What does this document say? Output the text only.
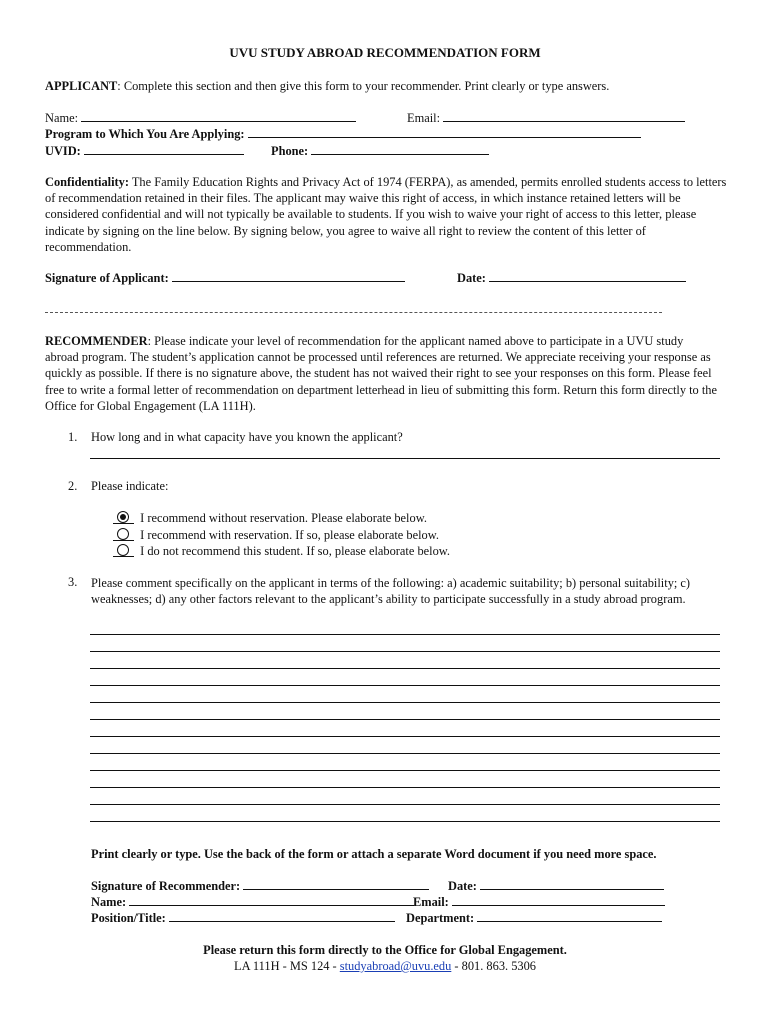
UVU STUDY ABROAD RECOMMENDATION FORM
APPLICANT: Complete this section and then give this form to your recommender. Print clearly or type answers.
Name:	Email:
Program to Which You Are Applying:
UVID:	Phone:
Confidentiality: The Family Education Rights and Privacy Act of 1974 (FERPA), as amended, permits enrolled students access to letters of recommendation retained in their files. The applicant may waive this right of access, in which instance retained letters will be considered confidential and will not typically be available to students. If you wish to waive your right of access to this letter, please indicate by signing on the line below. By signing below, you agree to waive all right to review the content of this letter of recommendation.
Signature of Applicant:	Date:
RECOMMENDER: Please indicate your level of recommendation for the applicant named above to participate in a UVU study abroad program. The student’s application cannot be processed until references are returned. We appreciate receiving your response as quickly as possible. If there is no signature above, the student has not waived their right to see your responses on this form. Please feel free to write a formal letter of recommendation on department letterhead in lieu of submitting this form. Return this form directly to the Office for Global Engagement (LA 111H).
1. How long and in what capacity have you known the applicant?
2. Please indicate:
I recommend without reservation. Please elaborate below.
I recommend with reservation. If so, please elaborate below.
I do not recommend this student. If so, please elaborate below.
3. Please comment specifically on the applicant in terms of the following: a) academic suitability; b) personal suitability; c) weaknesses; d) any other factors relevant to the applicant’s ability to participate successfully in a study abroad program.
Print clearly or type. Use the back of the form or attach a separate Word document if you need more space.
Signature of Recommender:	Date:
Name:	Email:
Position/Title:	Department:
Please return this form directly to the Office for Global Engagement.
LA 111H - MS 124 - studyabroad@uvu.edu - 801. 863. 5306
